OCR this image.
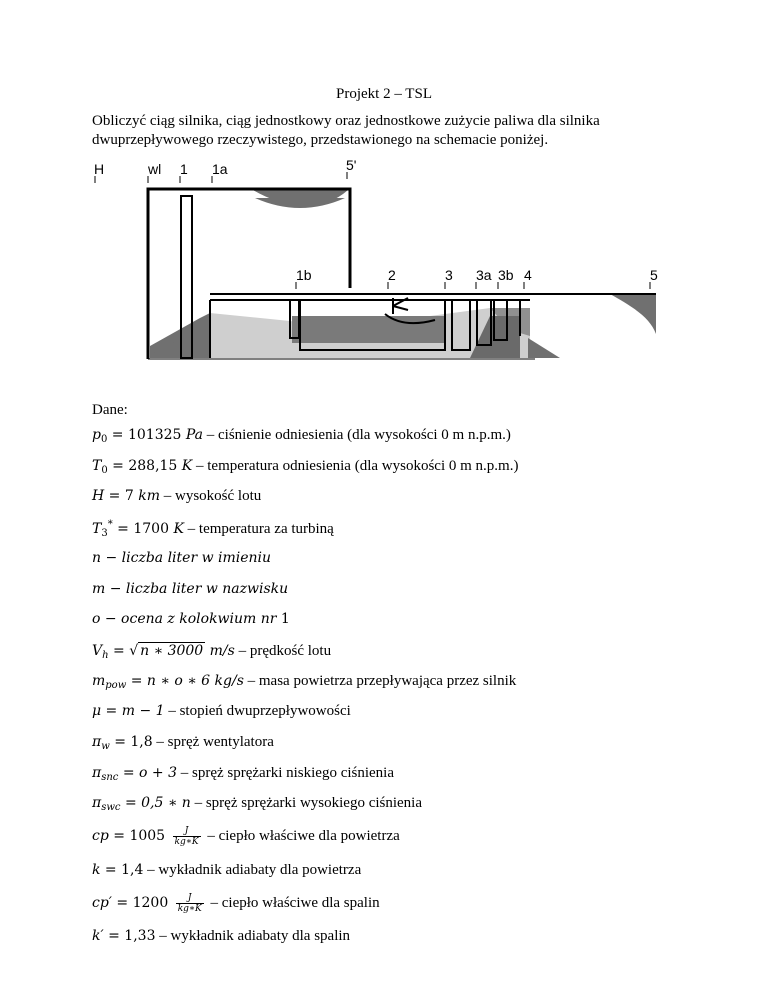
Projekt 2 – TSL

Obliczyć ciąg silnika, ciąg jednostkowy oraz jednostkowe zużycie paliwa dla silnika
dwuprzepływowego rzeczywistego, przedstawionego na schemacie poniżej.

H	wl 1 1a	5'
1b	2	3 3a 3b 4	5
Dane:
$p_0 = 101325$ Pa – ciśnienie odniesienia (dla wysokości 0 m n.p.m.)
$T_0 = 288,15$ K – temperatura odniesienia (dla wysokości 0 m n.p.m.)
H = 7 km – wysokość lotu
$T_3^* = 1700$ K – temperatura za turbiną
n − liczba liter w imieniu
m − liczba liter w nazwisku
o − ocena z kolokwium nr 1
$V_h$ = √ n ∗ 3000 m/s – prędkość lotu
$m_{pow} = n$ ∗ o ∗ 6 kg/s – masa powietrza przepływająca przez silnik
μ = m − 1 – stopień dwuprzepływowości
$\pi_w = 1,8$ – spręż wentylatora
$\pi_{snc} = o + 3$ – spręż sprężarki niskiego ciśnienia
$\pi_{swc} = 0,5$ ∗ n – spręż sprężarki wysokiego ciśnienia
cp = $1005 \frac{J}{kg∗K}$ – ciepło właściwe dla powietrza
k = 1,4 – wykładnik adiabaty dla powietrza
$cp' = 1200 \frac{J}{kg∗K}$ – ciepło właściwe dla spalin
k′ = 1,33 – wykładnik adiabaty dla spalin
